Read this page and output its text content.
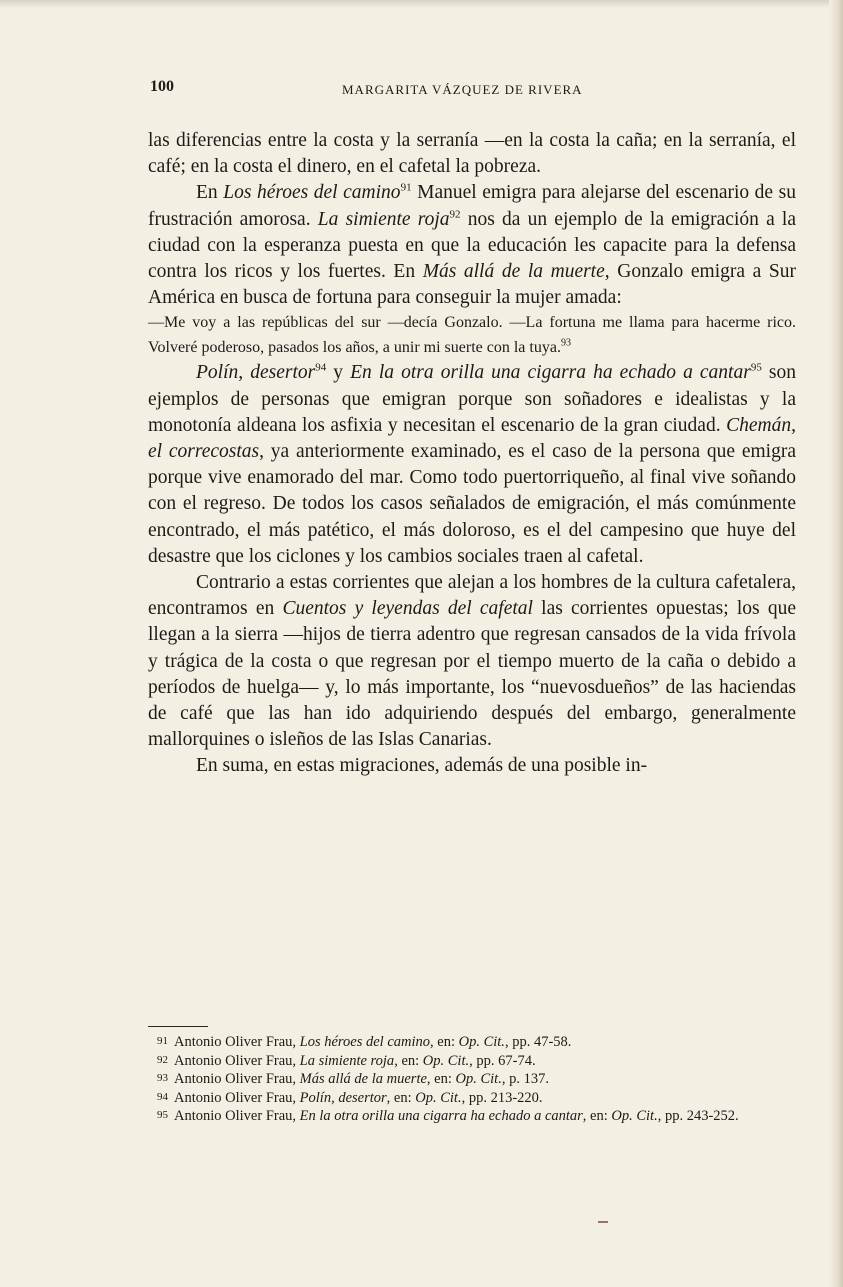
100	MARGARITA VÁZQUEZ DE RIVERA

las diferencias entre la costa y la serranía —en la costa la caña; en la serranía, el café; en la costa el dinero, en el cafetal la pobreza.

En Los héroes del camino$^{91}$ Manuel emigra para alejarse del escenario de su frustración amorosa. La simiente roja$^{92}$ nos da un ejemplo de la emigración a la ciudad con la esperanza puesta en que la educación les capacite para la defensa contra los ricos y los fuertes. En Más allá de la muerte, Gonzalo emigra a Sur América en busca de fortuna para conseguir la mujer amada:

—Me voy a las repúblicas del sur —decía Gonzalo. —La fortuna me llama para hacerme rico. Volveré poderoso, pasados los años, a unir mi suerte con la tuya.$^{93}$

Polín, desertor$^{94}$ y En la otra orilla una cigarra ha echado a cantar$^{95}$ son ejemplos de personas que emigran porque son soñadores e idealistas y la monotonía aldeana los asfixia y necesitan el escenario de la gran ciudad. Chemán, el correcostas, ya anteriormente examinado, es el caso de la persona que emigra porque vive enamorado del mar. Como todo puertorriqueño, al final vive soñando con el regreso. De todos los casos señalados de emigración, el más comúnmente encontrado, el más patético, el más doloroso, es el del campesino que huye del desastre que los ciclones y los cambios sociales traen al cafetal.

Contrario a estas corrientes que alejan a los hombres de la cultura cafetalera, encontramos en Cuentos y leyendas del cafetal las corrientes opuestas; los que llegan a la sierra —hijos de tierra adentro que regresan cansados de la vida frívola y trágica de la costa o que regresan por el tiempo muerto de la caña o debido a períodos de huelga— y, lo más importante, los “nuevosdueños” de las haciendas de café que las han ido adquiriendo después del embargo, generalmente mallorquines o isleños de las Islas Canarias.

En suma, en estas migraciones, además de una posible in-

91 Antonio Oliver Frau, Los héroes del camino, en: Op. Cit., pp. 47-58.

92 Antonio Oliver Frau, La simiente roja, en: Op. Cit., pp. 67-74.

93 Antonio Oliver Frau, Más allá de la muerte, en: Op. Cit., p. 137.

94 Antonio Oliver Frau, Polín, desertor, en: Op. Cit., pp. 213-220.

95 Antonio Oliver Frau, En la otra orilla una cigarra ha echado a cantar, en: Op. Cit., pp. 243-252.
